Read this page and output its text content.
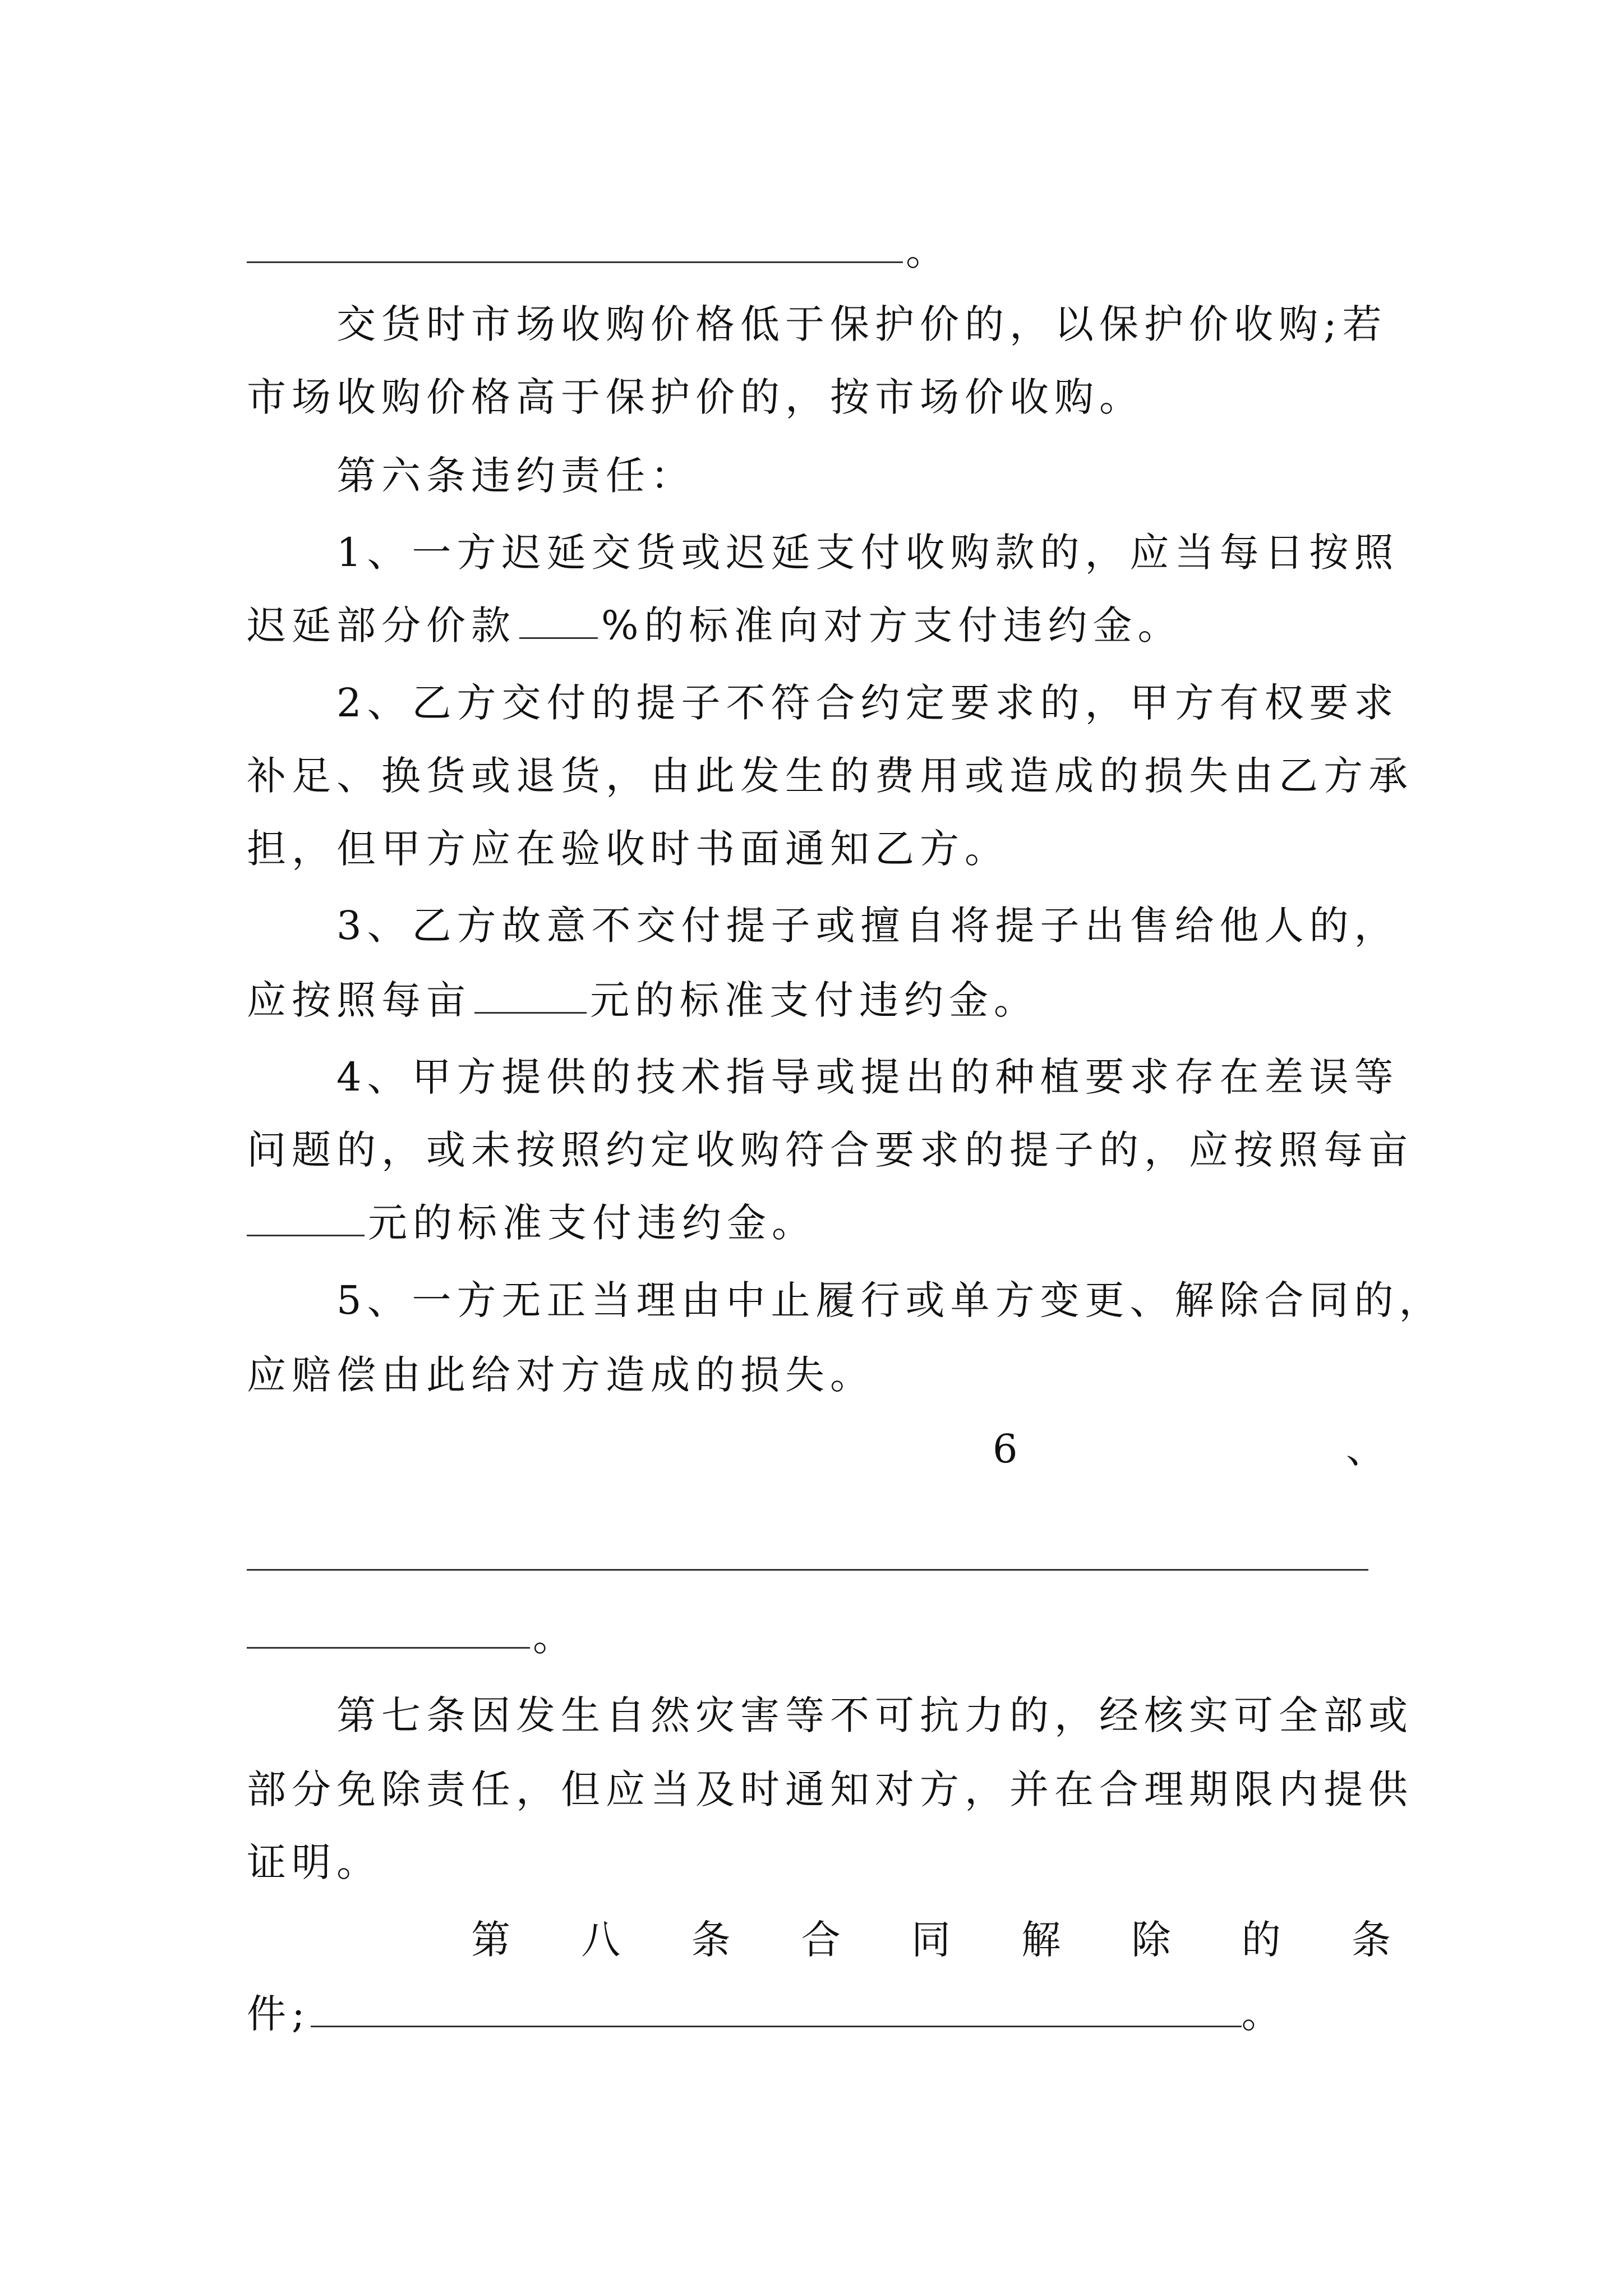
。
交货时市场收购价格低于保护价的，以保护价收购;若
市场收购价格高于保护价的，按市场价收购。
第六条违约责任：
1、一方迟延交货或迟延支付收购款的，应当每日按照
迟延部分价款 %的标准向对方支付违约金。
2、乙方交付的提子不符合约定要求的，甲方有权要求
补足、换货或退货，由此发生的费用或造成的损失由乙方承
担，但甲方应在验收时书面通知乙方。
3、乙方故意不交付提子或擅自将提子出售给他人的，
应按照每亩	元的标准支付违约金。
4、甲方提供的技术指导或提出的种植要求存在差误等
问题的，或未按照约定收购符合要求的提子的，应按照每亩
元的标准支付违约金。
5、一方无正当理由中止履行或单方变更、解除合同的，
应赔偿由此给对方造成的损失。
6	、
。
第七条因发生自然灾害等不可抗力的，经核实可全部或
部分免除责任，但应当及时通知对方，并在合理期限内提供
证明。
第 八 条 合 同 解 除 的 条
件;	。
